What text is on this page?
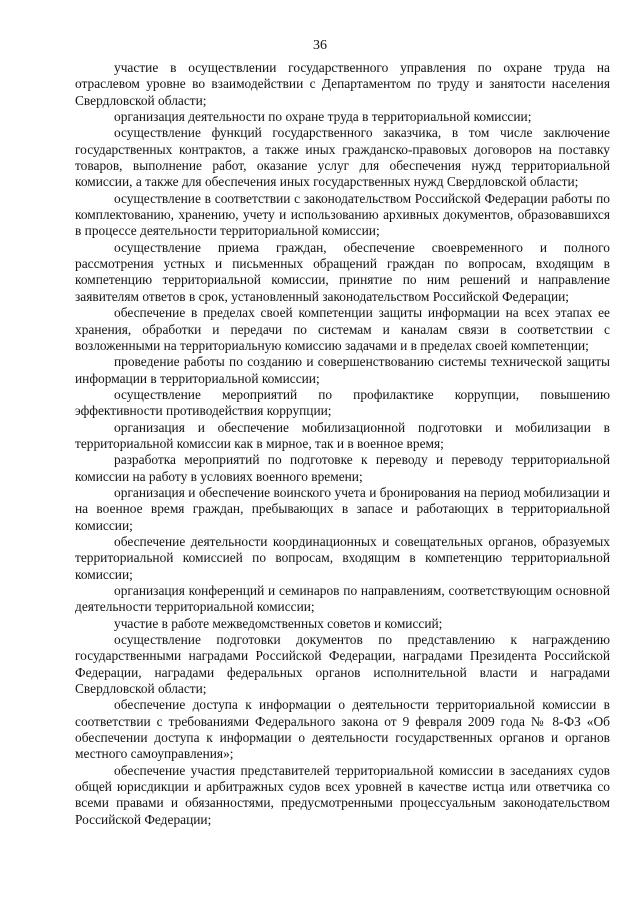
36

участие в осуществлении государственного управления по охране труда на отраслевом уровне во взаимодействии с Департаментом по труду и занятости населения Свердловской области;

организация деятельности по охране труда в территориальной комиссии;

осуществление функций государственного заказчика, в том числе заключение государственных контрактов, а также иных гражданско-правовых договоров на поставку товаров, выполнение работ, оказание услуг для обеспечения нужд территориальной комиссии, а также для обеспечения иных государственных нужд Свердловской области;

осуществление в соответствии с законодательством Российской Федерации работы по комплектованию, хранению, учету и использованию архивных документов, образовавшихся в процессе деятельности территориальной комиссии;

осуществление приема граждан, обеспечение своевременного и полного рассмотрения устных и письменных обращений граждан по вопросам, входящим в компетенцию территориальной комиссии, принятие по ним решений и направление заявителям ответов в срок, установленный законодательством Российской Федерации;

обеспечение в пределах своей компетенции защиты информации на всех этапах ее хранения, обработки и передачи по системам и каналам связи в соответствии с возложенными на территориальную комиссию задачами и в пределах своей компетенции;

проведение работы по созданию и совершенствованию системы технической защиты информации в территориальной комиссии;

осуществление мероприятий по профилактике коррупции, повышению эффективности противодействия коррупции;

организация и обеспечение мобилизационной подготовки и мобилизации в территориальной комиссии как в мирное, так и в военное время;

разработка мероприятий по подготовке к переводу и переводу территориальной комиссии на работу в условиях военного времени;

организация и обеспечение воинского учета и бронирования на период мобилизации и на военное время граждан, пребывающих в запасе и работающих в территориальной комиссии;

обеспечение деятельности координационных и совещательных органов, образуемых территориальной комиссией по вопросам, входящим в компетенцию территориальной комиссии;

организация конференций и семинаров по направлениям, соответствующим основной деятельности территориальной комиссии;

участие в работе межведомственных советов и комиссий;

осуществление подготовки документов по представлению к награждению государственными наградами Российской Федерации, наградами Президента Российской Федерации, наградами федеральных органов исполнительной власти и наградами Свердловской области;

обеспечение доступа к информации о деятельности территориальной комиссии в соответствии с требованиями Федерального закона от 9 февраля 2009 года № 8-ФЗ «Об обеспечении доступа к информации о деятельности государственных органов и органов местного самоуправления»;

обеспечение участия представителей территориальной комиссии в заседаниях судов общей юрисдикции и арбитражных судов всех уровней в качестве истца или ответчика со всеми правами и обязанностями, предусмотренными процессуальным законодательством Российской Федерации;
